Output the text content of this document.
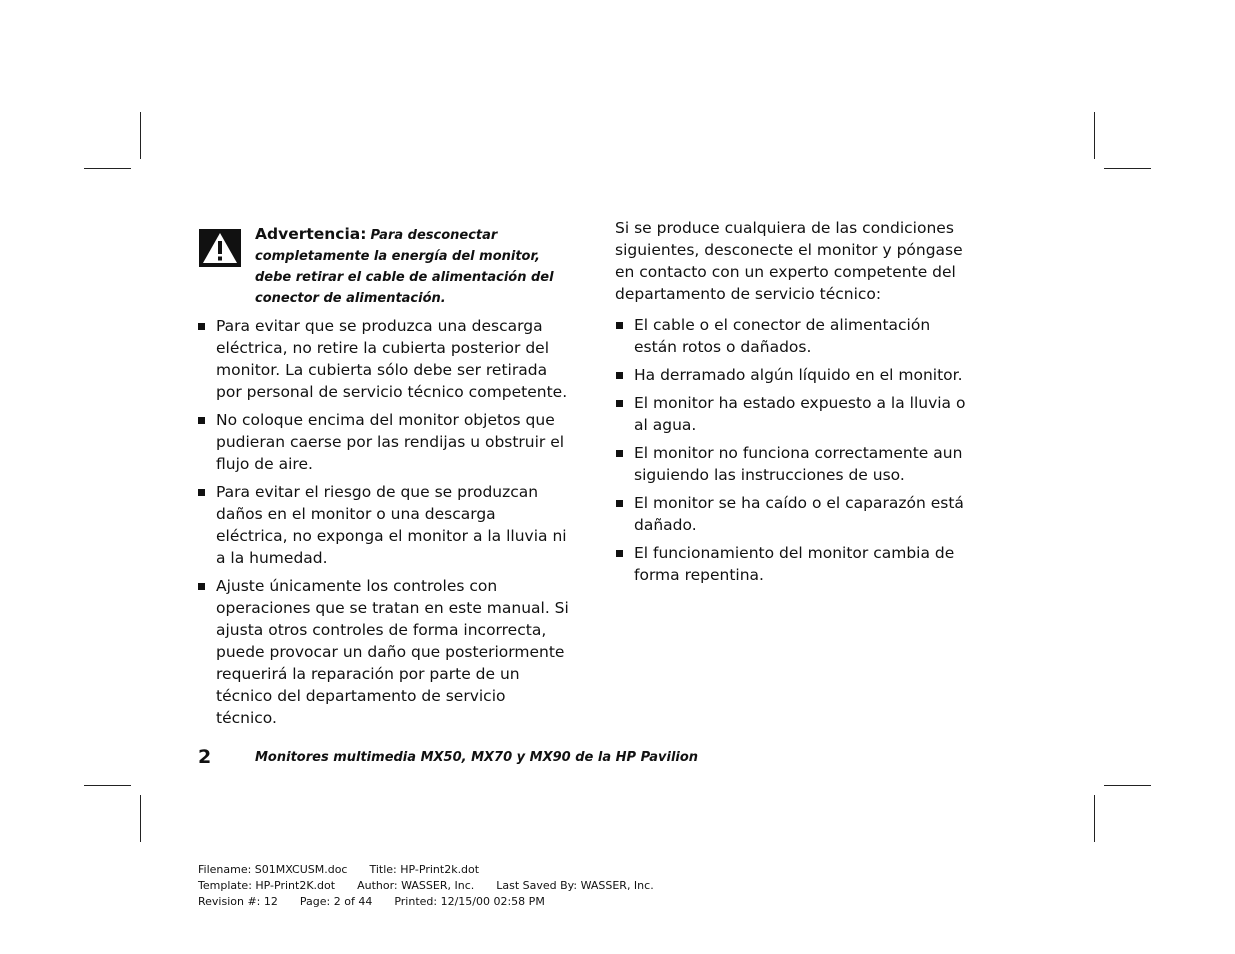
Advertencia: Para desconectar completamente la energía del monitor, debe retirar el cable de alimentación del conector de alimentación.
Para evitar que se produzca una descarga eléctrica, no retire la cubierta posterior del monitor. La cubierta sólo debe ser retirada por personal de servicio técnico competente.
No coloque encima del monitor objetos que pudieran caerse por las rendijas u obstruir el flujo de aire.
Para evitar el riesgo de que se produzcan daños en el monitor o una descarga eléctrica, no exponga el monitor a la lluvia ni a la humedad.
Ajuste únicamente los controles con operaciones que se tratan en este manual. Si ajusta otros controles de forma incorrecta, puede provocar un daño que posteriormente requerirá la reparación por parte de un técnico del departamento de servicio técnico.

Si se produce cualquiera de las condiciones siguientes, desconecte el monitor y póngase en contacto con un experto competente del departamento de servicio técnico:

El cable o el conector de alimentación están rotos o dañados.
Ha derramado algún líquido en el monitor.
El monitor ha estado expuesto a la lluvia o al agua.
El monitor no funciona correctamente aun siguiendo las instrucciones de uso.
El monitor se ha caído o el caparazón está dañado.
El funcionamiento del monitor cambia de forma repentina.
2	Monitores multimedia MX50, MX70 y MX90 de la HP Pavilion
Filename: S01MXCUSM.doc Title: HP-Print2k.dot
Template: HP-Print2K.dot Author: WASSER, Inc. Last Saved By: WASSER, Inc.
Revision #: 12 Page: 2 of 44 Printed: 12/15/00 02:58 PM
